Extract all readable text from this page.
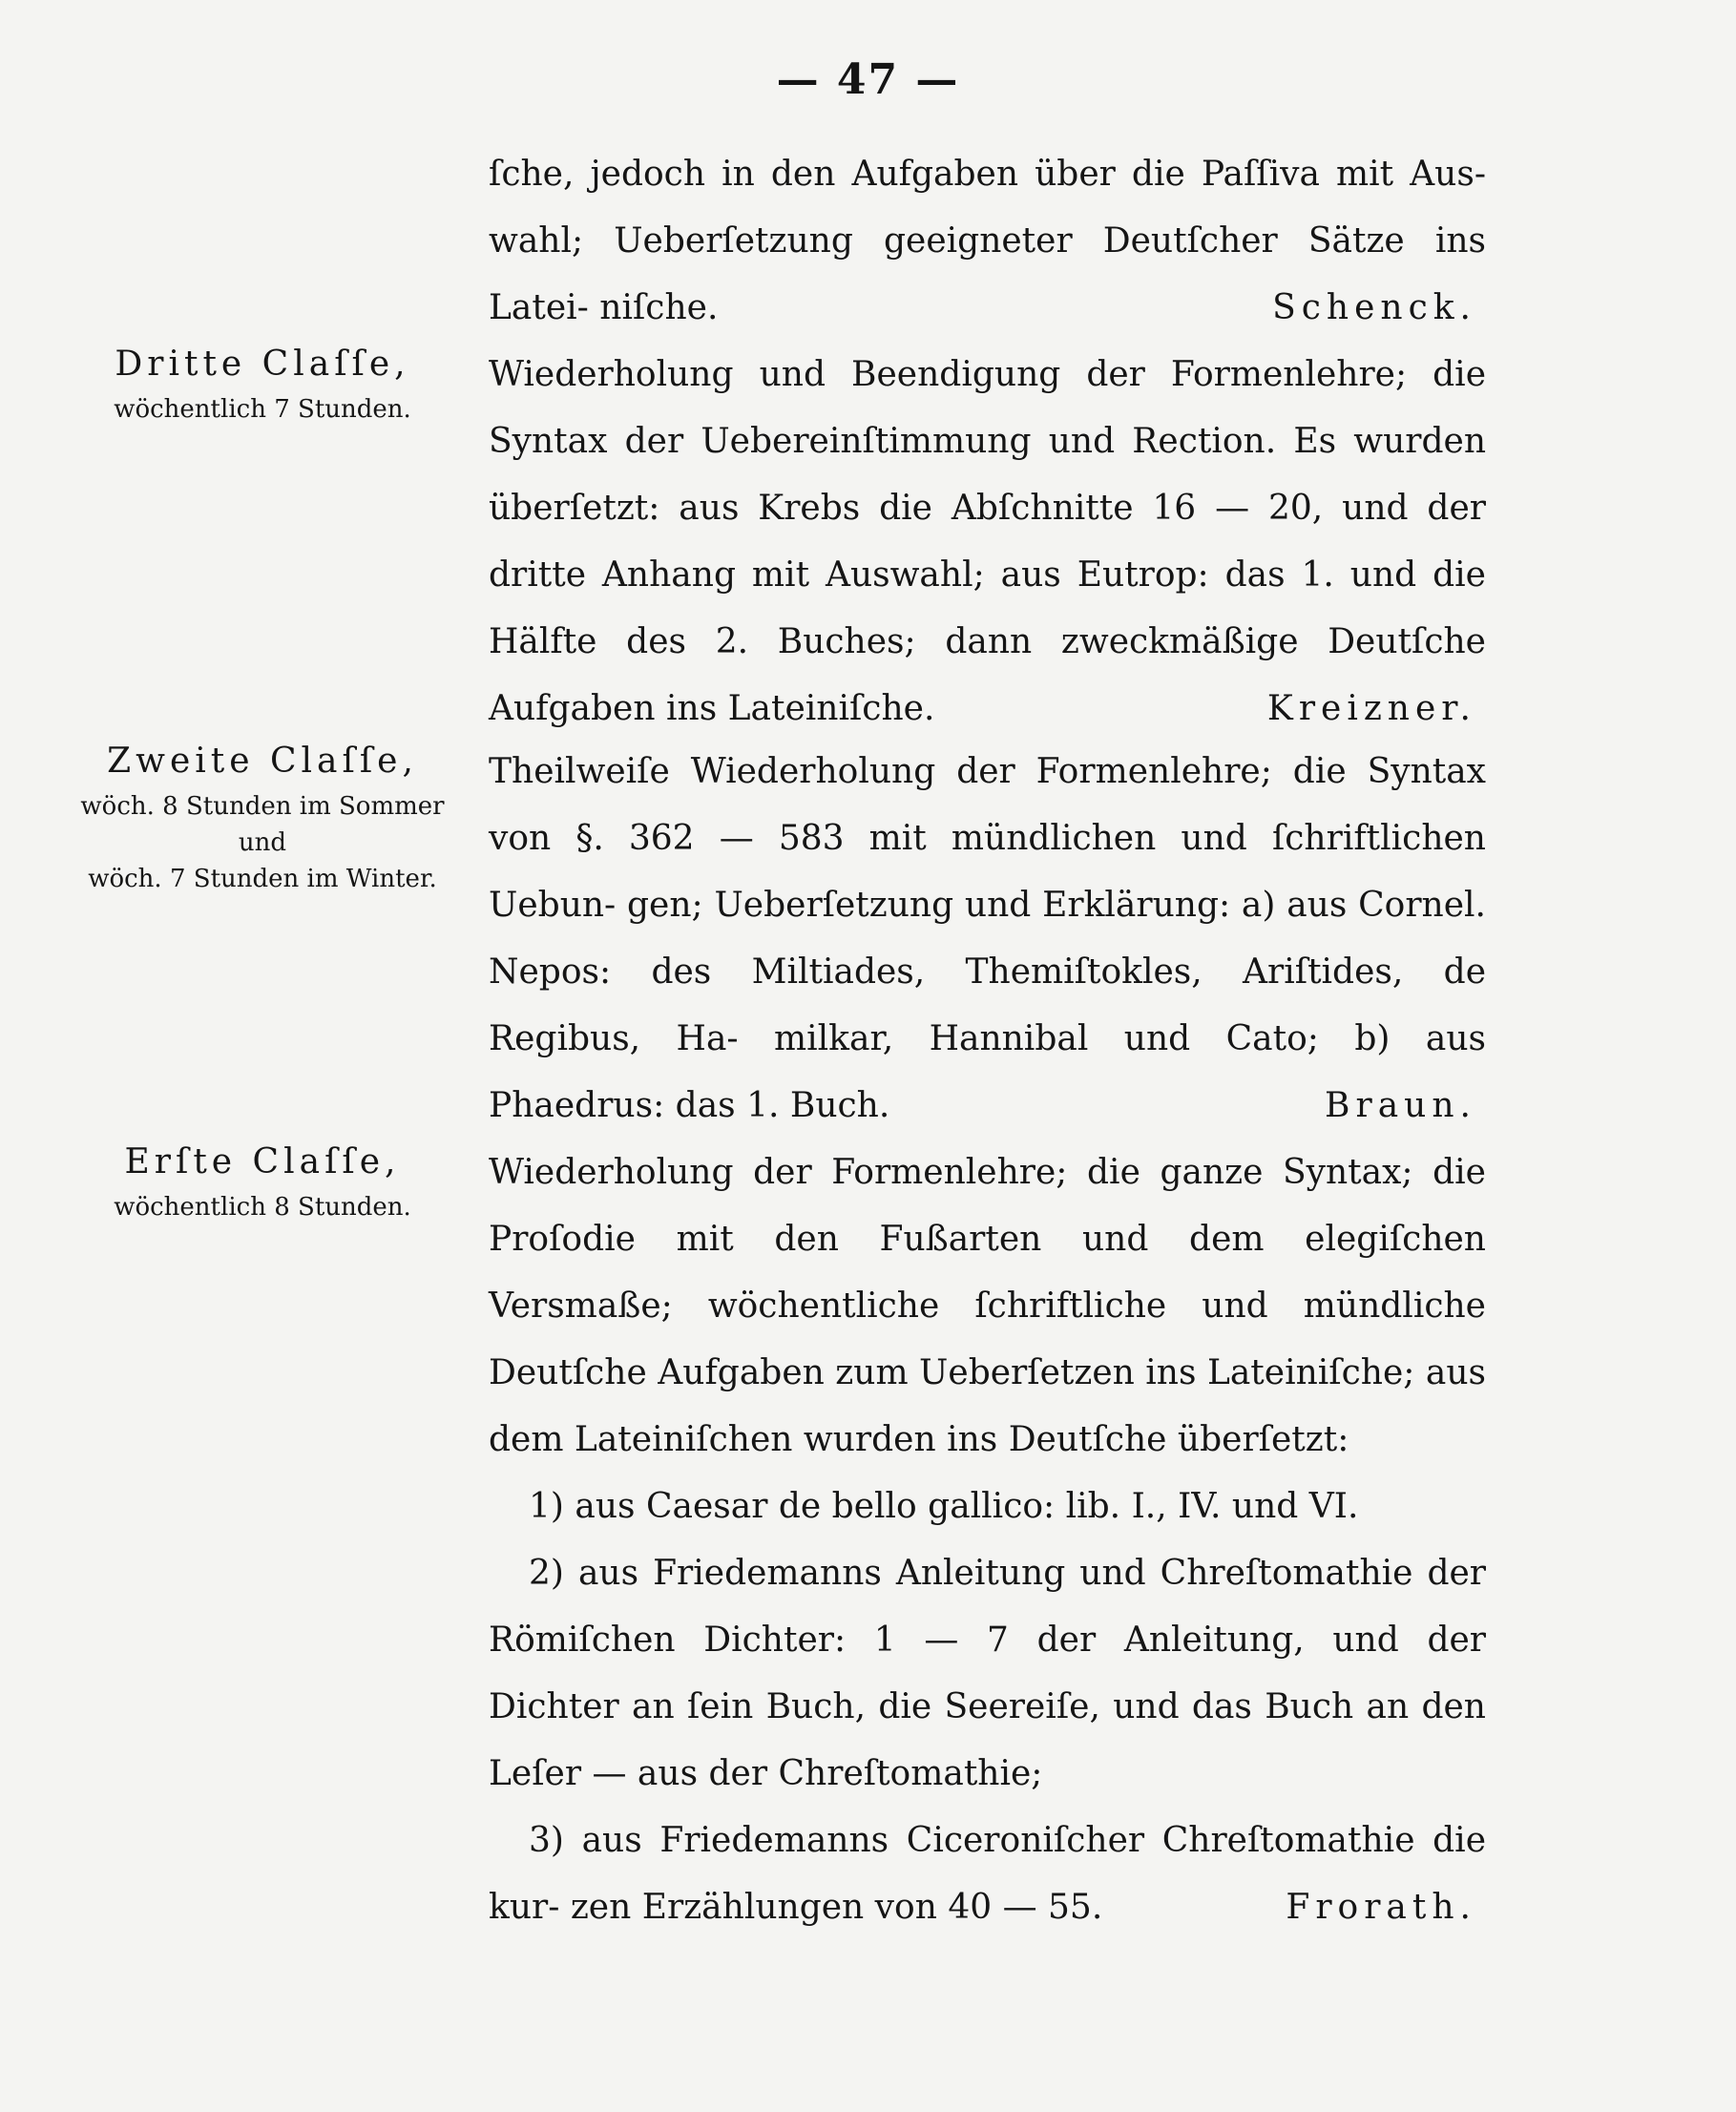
— 47 —

ſche, jedoch in den Aufgaben über die Paſſiva mit Aus- wahl; Ueberſetzung geeigneter Deutſcher Sätze ins Latei- niſche.	Schenck.
Dritte Claſſe,
wöchentlich 7 Stunden.

Wiederholung und Beendigung der Formenlehre; die Syntax der Uebereinſtimmung und Rection. Es wurden überſetzt: aus Krebs die Abſchnitte 16 — 20, und der dritte Anhang mit Auswahl; aus Eutrop: das 1. und die Hälfte des 2. Buches; dann zweckmäßige Deutſche Aufgaben ins Lateiniſche.	Kreizner.
Zweite Claſſe,
wöch. 8 Stunden im Sommer
und
wöch. 7 Stunden im Winter.

Theilweiſe Wiederholung der Formenlehre; die Syntax von §. 362 — 583 mit mündlichen und ſchriftlichen Uebun- gen; Ueberſetzung und Erklärung: a) aus Cornel. Nepos: des Miltiades, Themiſtokles, Ariſtides, de Regibus, Ha- milkar, Hannibal und Cato; b) aus Phaedrus: das 1. Buch.	Braun.
Erſte Claſſe,
wöchentlich 8 Stunden.

Wiederholung der Formenlehre; die ganze Syntax; die Proſodie mit den Fußarten und dem elegiſchen Versmaße; wöchentliche ſchriftliche und mündliche Deutſche Aufgaben zum Ueberſetzen ins Lateiniſche; aus dem Lateiniſchen wurden ins Deutſche überſetzt:

1) aus Caesar de bello gallico: lib. I., IV. und VI.

2) aus Friedemanns Anleitung und Chreſtomathie der Römiſchen Dichter: 1 — 7 der Anleitung, und der Dichter an ſein Buch, die Seereiſe, und das Buch an den Leſer — aus der Chreſtomathie;

3) aus Friedemanns Ciceroniſcher Chreſtomathie die kur- zen Erzählungen von 40 — 55.	Frorath.
